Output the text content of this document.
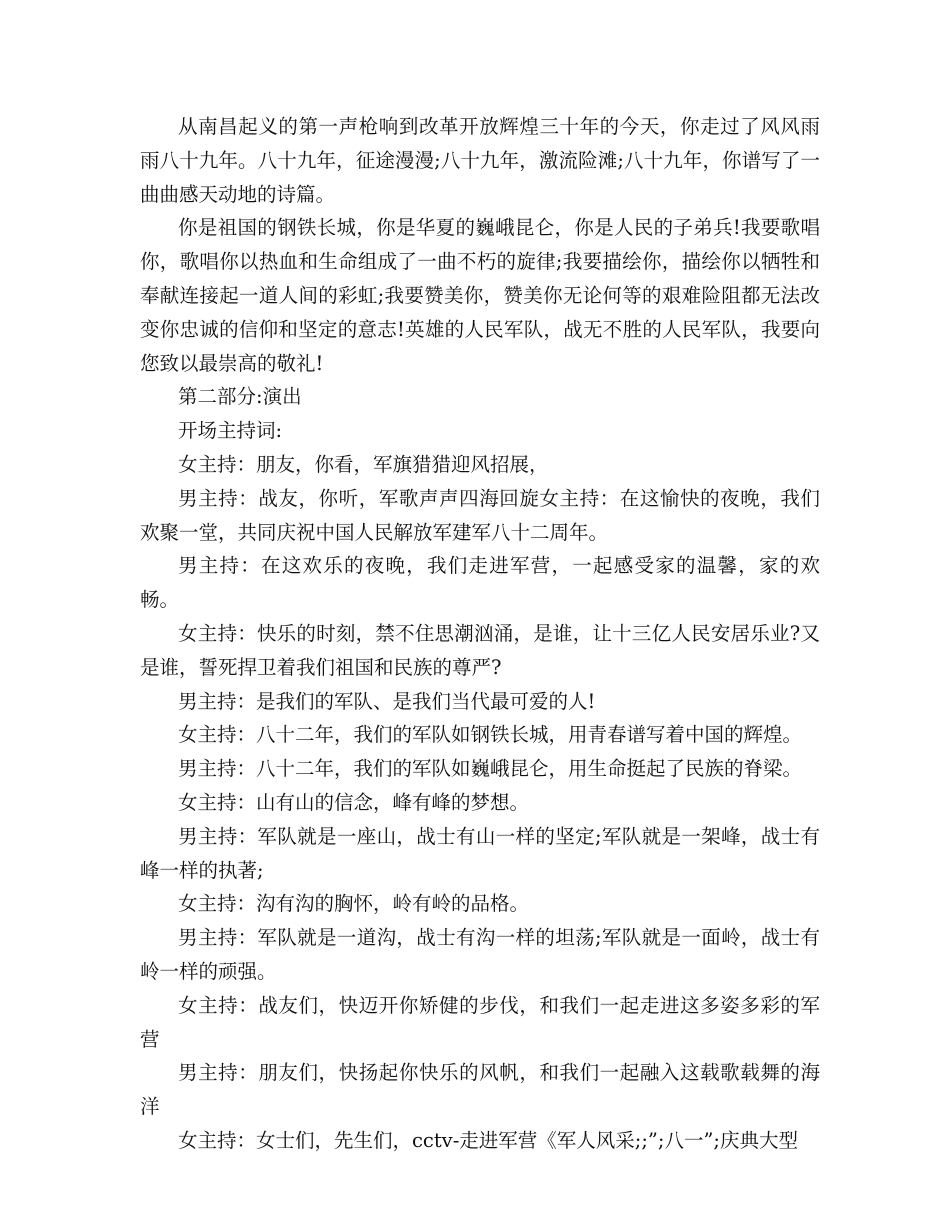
从南昌起义的第一声枪响到改革开放辉煌三十年的今天，你走过了风风雨雨八十九年。八十九年，征途漫漫;八十九年，激流险滩;八十九年，你谱写了一曲曲感天动地的诗篇。

你是祖国的钢铁长城，你是华夏的巍峨昆仑，你是人民的子弟兵!我要歌唱你，歌唱你以热血和生命组成了一曲不朽的旋律;我要描绘你，描绘你以牺牲和奉献连接起一道人间的彩虹;我要赞美你，赞美你无论何等的艰难险阻都无法改变你忠诚的信仰和坚定的意志!英雄的人民军队，战无不胜的人民军队，我要向您致以最崇高的敬礼!

第二部分:演出

开场主持词:

女主持：朋友，你看，军旗猎猎迎风招展，

男主持：战友，你听，军歌声声四海回旋女主持：在这愉快的夜晚，我们欢聚一堂，共同庆祝中国人民解放军建军八十二周年。

男主持：在这欢乐的夜晚，我们走进军营，一起感受家的温馨，家的欢畅。

女主持：快乐的时刻，禁不住思潮汹涌，是谁，让十三亿人民安居乐业?又是谁，誓死捍卫着我们祖国和民族的尊严?

男主持：是我们的军队、是我们当代最可爱的人!

女主持：八十二年，我们的军队如钢铁长城，用青春谱写着中国的辉煌。

男主持：八十二年，我们的军队如巍峨昆仑，用生命挺起了民族的脊梁。

女主持：山有山的信念，峰有峰的梦想。

男主持：军队就是一座山，战士有山一样的坚定;军队就是一架峰，战士有峰一样的执著;

女主持：沟有沟的胸怀，岭有岭的品格。

男主持：军队就是一道沟，战士有沟一样的坦荡;军队就是一面岭，战士有岭一样的顽强。

女主持：战友们，快迈开你矫健的步伐，和我们一起走进这多姿多彩的军营

男主持：朋友们，快扬起你快乐的风帆，和我们一起融入这载歌载舞的海洋

女主持：女士们，先生们，cctv-走进军营《军人风采;;”;八一”;庆典大型
